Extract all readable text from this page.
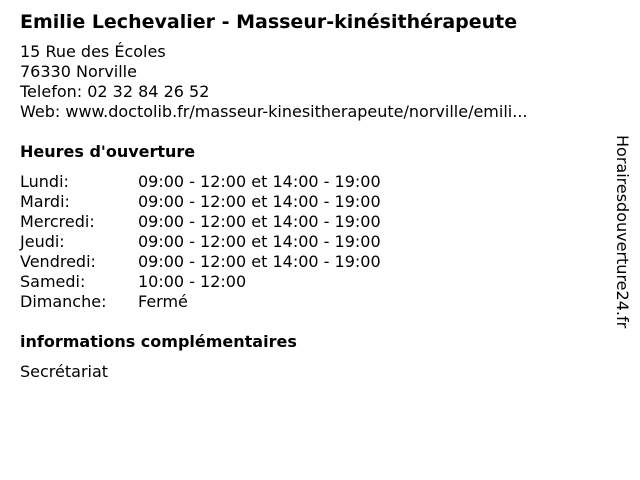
Emilie Lechevalier - Masseur-kinésithérapeute
15 Rue des Écoles
76330 Norville
Telefon: 02 32 84 26 52
Web: www.doctolib.fr/masseur-kinesitherapeute/norville/emili...
Heures d'ouverture
Lundi:	09:00 - 12:00 et 14:00 - 19:00
Mardi:	09:00 - 12:00 et 14:00 - 19:00
Mercredi:	09:00 - 12:00 et 14:00 - 19:00
Jeudi:	09:00 - 12:00 et 14:00 - 19:00
Vendredi:	09:00 - 12:00 et 14:00 - 19:00
Samedi:	10:00 - 12:00
Dimanche:	Fermé
informations complémentaires
Secrétariat
Horairesdouverture24.fr
